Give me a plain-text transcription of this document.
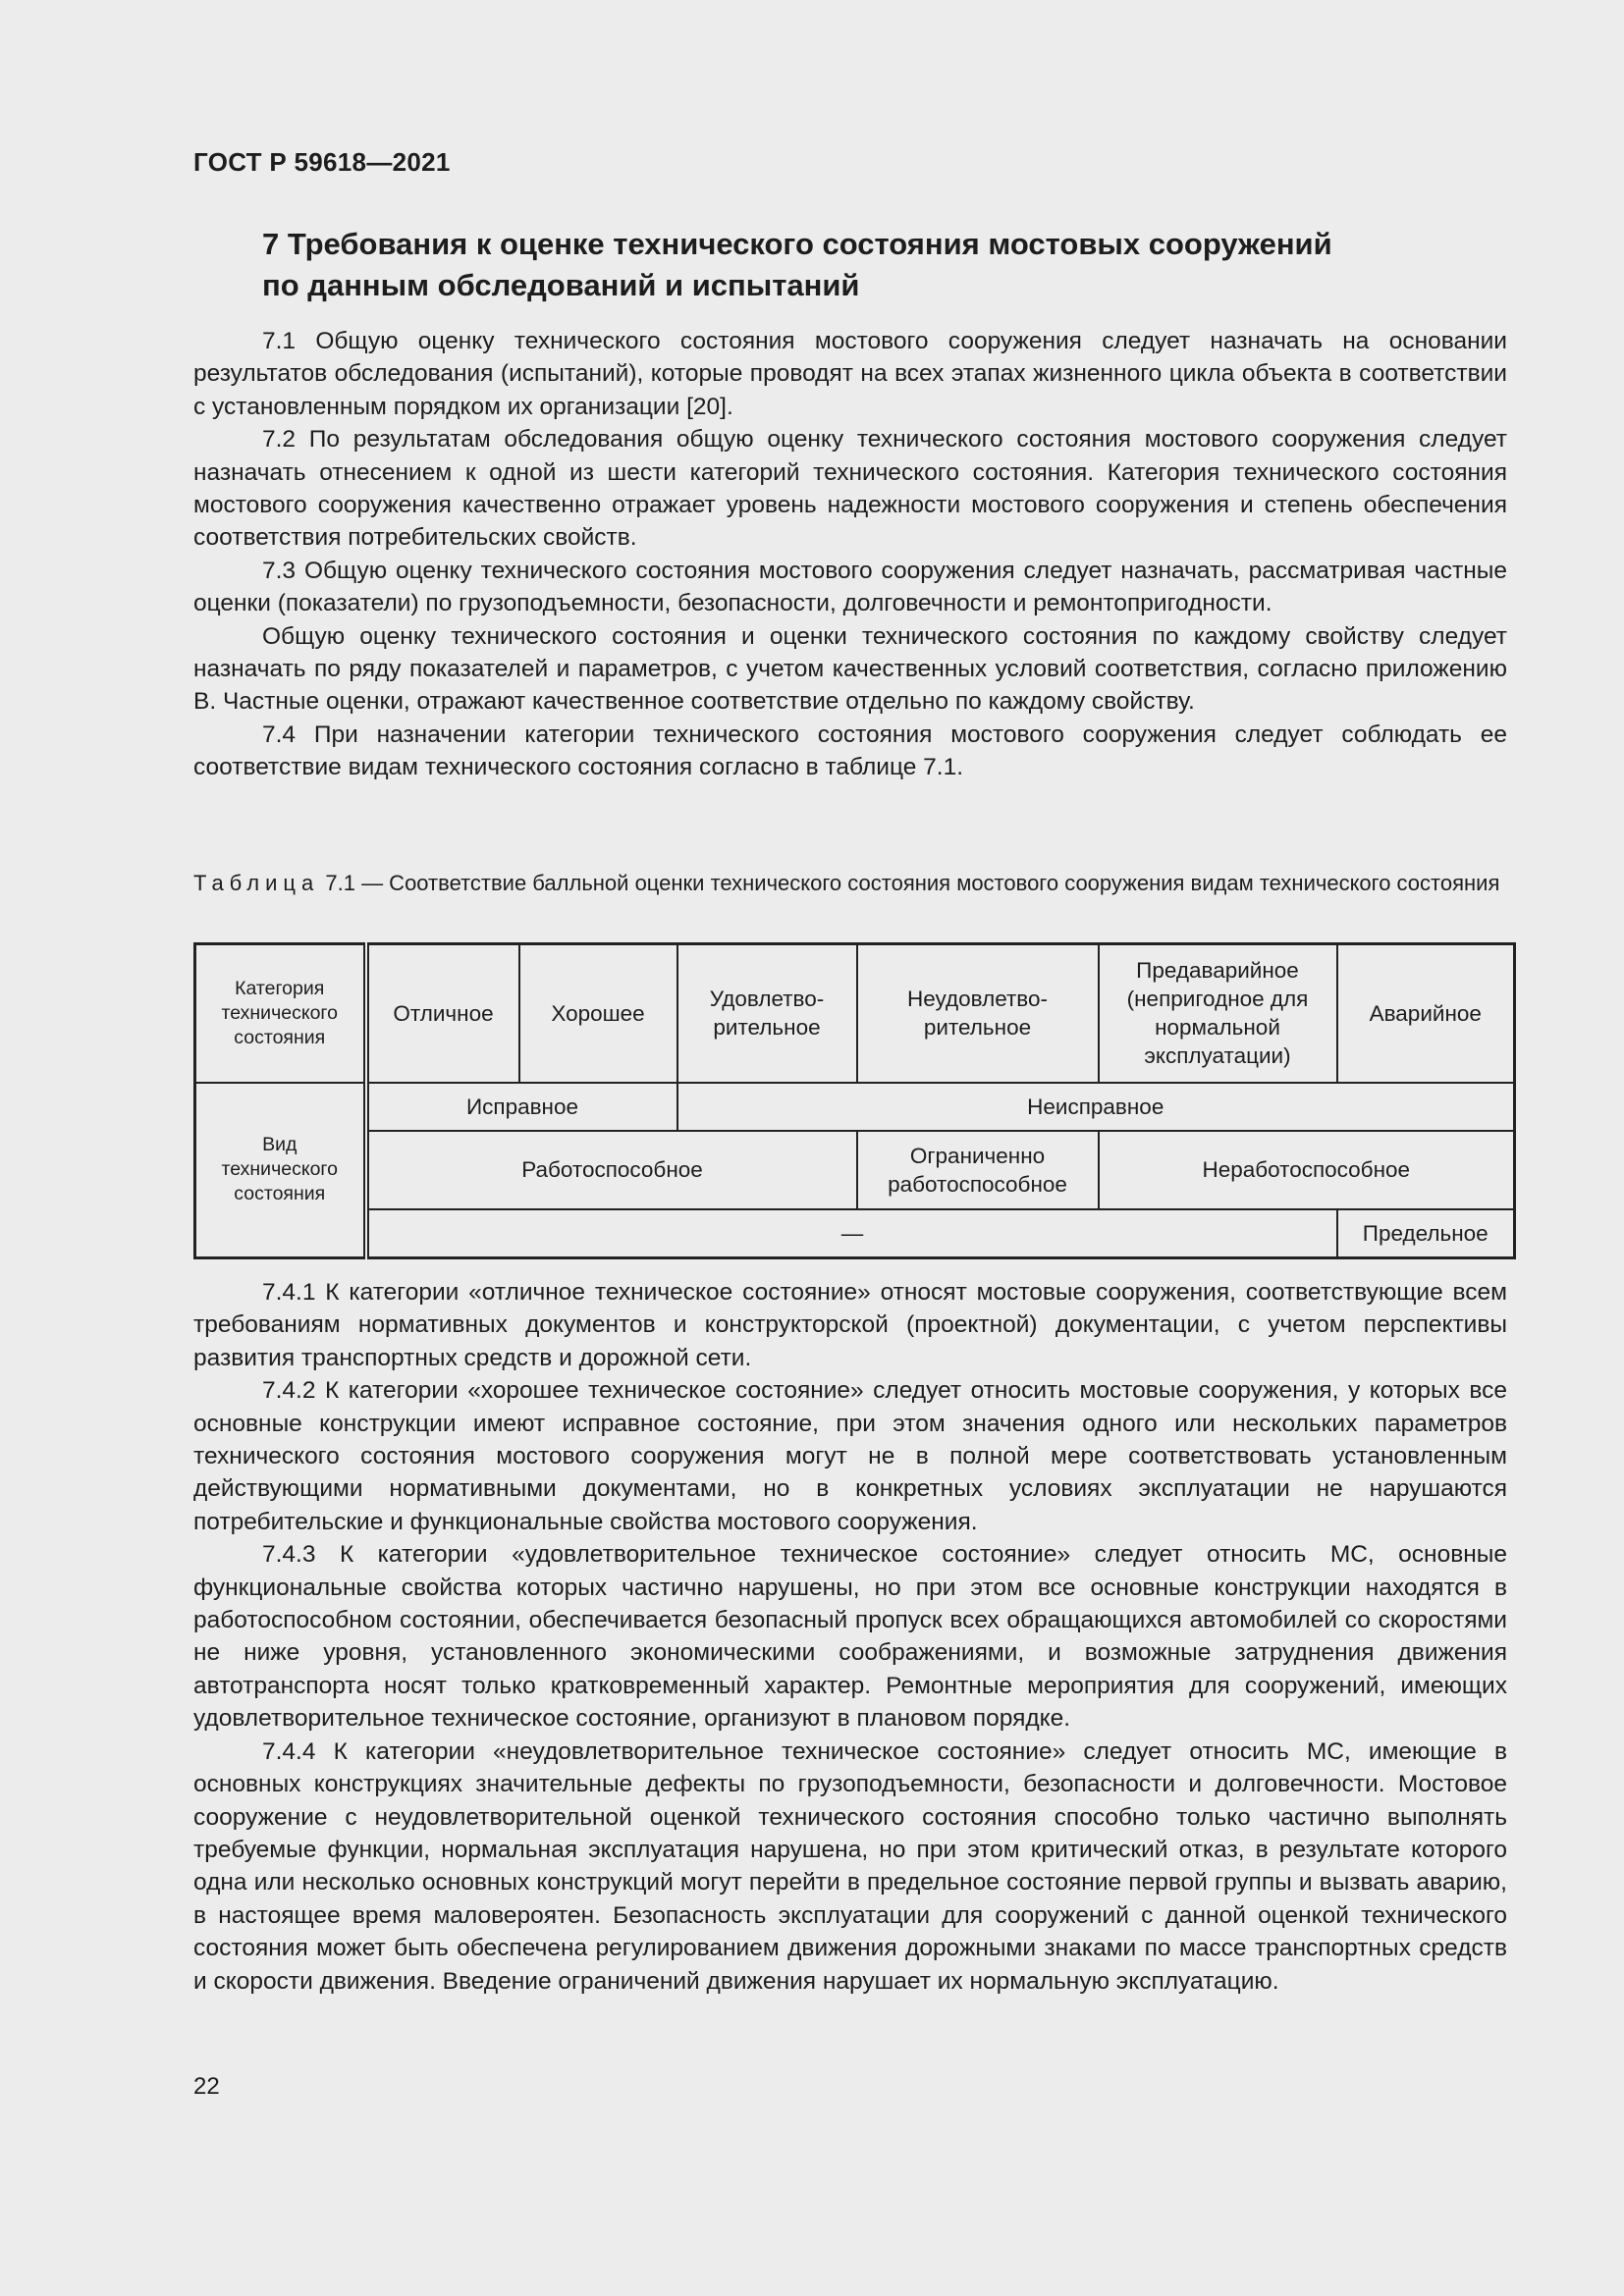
ГОСТ Р 59618—2021
7 Требования к оценке технического состояния мостовых сооружений
по данным обследований и испытаний

7.1 Общую оценку технического состояния мостового сооружения следует назначать на основании результатов обследования (испытаний), которые проводят на всех этапах жизненного цикла объекта в соответствии с установленным порядком их организации [20].

7.2 По результатам обследования общую оценку технического состояния мостового сооружения следует назначать отнесением к одной из шести категорий технического состояния. Категория технического состояния мостового сооружения качественно отражает уровень надежности мостового сооружения и степень обеспечения соответствия потребительских свойств.

7.3 Общую оценку технического состояния мостового сооружения следует назначать, рассматривая частные оценки (показатели) по грузоподъемности, безопасности, долговечности и ремонтопригодности.

Общую оценку технического состояния и оценки технического состояния по каждому свойству следует назначать по ряду показателей и параметров, с учетом качественных условий соответствия, согласно приложению В. Частные оценки, отражают качественное соответствие отдельно по каждому свойству.

7.4 При назначении категории технического состояния мостового сооружения следует соблюдать ее соответствие видам технического состояния согласно в таблице 7.1.

Таблица 7.1 — Соответствие балльной оценки технического состояния мостового сооружения видам технического состояния
Категория технического состояния	Отличное	Хорошее	Удовлетво-рительное	Неудовлетво-рительное	Предаварийное (непригодное для нормальной эксплуатации)	Аварийное
Вид технического состояния	Исправное		Неисправное			
	Работоспособное			Ограниченно работоспособное	Неработоспособное	
	—					Предельное

7.4.1 К категории «отличное техническое состояние» относят мостовые сооружения, соответствующие всем требованиям нормативных документов и конструкторской (проектной) документации, с учетом перспективы развития транспортных средств и дорожной сети.

7.4.2 К категории «хорошее техническое состояние» следует относить мостовые сооружения, у которых все основные конструкции имеют исправное состояние, при этом значения одного или нескольких параметров технического состояния мостового сооружения могут не в полной мере соответствовать установленным действующими нормативными документами, но в конкретных условиях эксплуатации не нарушаются потребительские и функциональные свойства мостового сооружения.

7.4.3 К категории «удовлетворительное техническое состояние» следует относить МС, основные функциональные свойства которых частично нарушены, но при этом все основные конструкции находятся в работоспособном состоянии, обеспечивается безопасный пропуск всех обращающихся автомобилей со скоростями не ниже уровня, установленного экономическими соображениями, и возможные затруднения движения автотранспорта носят только кратковременный характер. Ремонтные мероприятия для сооружений, имеющих удовлетворительное техническое состояние, организуют в плановом порядке.

7.4.4 К категории «неудовлетворительное техническое состояние» следует относить МС, имеющие в основных конструкциях значительные дефекты по грузоподъемности, безопасности и долговечности. Мостовое сооружение с неудовлетворительной оценкой технического состояния способно только частично выполнять требуемые функции, нормальная эксплуатация нарушена, но при этом критический отказ, в результате которого одна или несколько основных конструкций могут перейти в предельное состояние первой группы и вызвать аварию, в настоящее время маловероятен. Безопасность эксплуатации для сооружений с данной оценкой технического состояния может быть обеспечена регулированием движения дорожными знаками по массе транспортных средств и скорости движения. Введение ограничений движения нарушает их нормальную эксплуатацию.

22
